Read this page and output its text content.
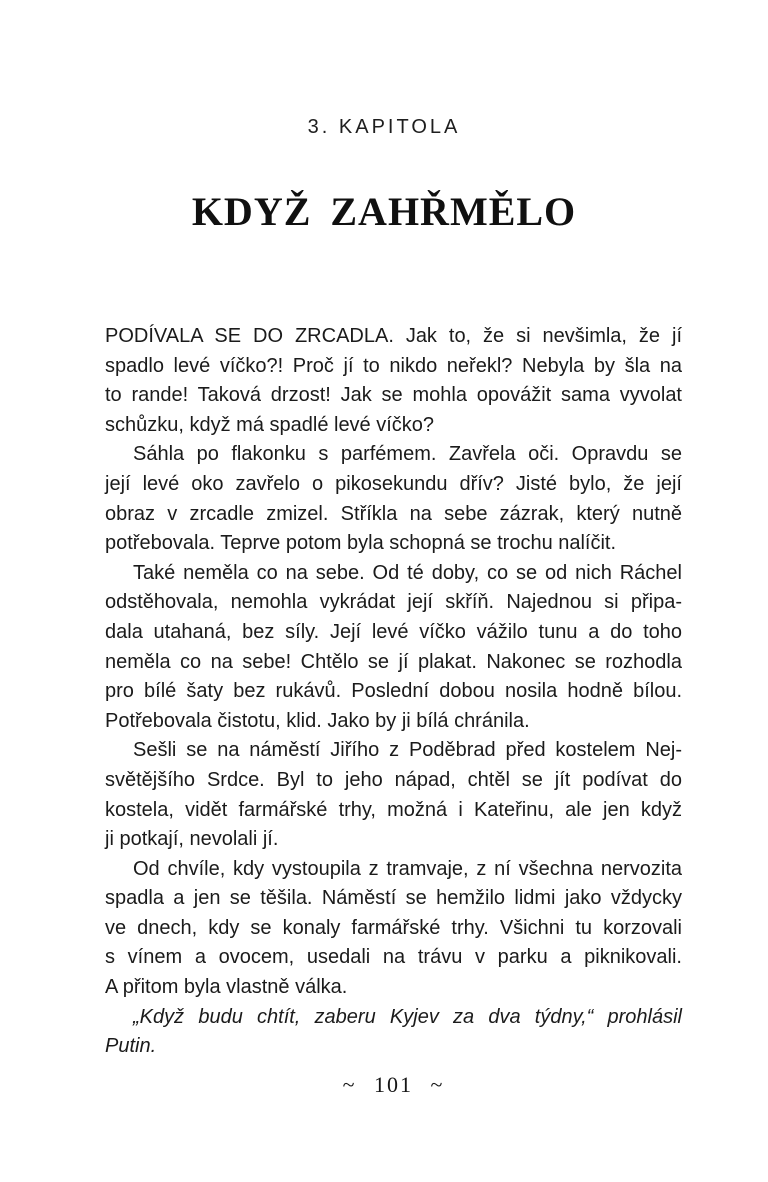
3. KAPITOLA
KDYŽ ZAHŘMĚLO
PODÍVALA SE DO ZRCADLA. Jak to, že si nevšimla, že jí
spadlo levé víčko?! Proč jí to nikdo neřekl? Nebyla by šla na
to rande! Taková drzost! Jak se mohla opovážit sama vyvolat
schůzku, když má spadlé levé víčko?
Sáhla po flakonku s parfémem. Zavřela oči. Opravdu se
její levé oko zavřelo o pikosekundu dřív? Jisté bylo, že její
obraz v zrcadle zmizel. Stříkla na sebe zázrak, který nutně
potřebovala. Teprve potom byla schopná se trochu nalíčit.
Také neměla co na sebe. Od té doby, co se od nich Ráchel
odstěhovala, nemohla vykrádat její skříň. Najednou si připa-
dala utahaná, bez síly. Její levé víčko vážilo tunu a do toho
neměla co na sebe! Chtělo se jí plakat. Nakonec se rozhodla
pro bílé šaty bez rukávů. Poslední dobou nosila hodně bílou.
Potřebovala čistotu, klid. Jako by ji bílá chránila.
Sešli se na náměstí Jiřího z Poděbrad před kostelem Nej-
světějšího Srdce. Byl to jeho nápad, chtěl se jít podívat do
kostela, vidět farmářské trhy, možná i Kateřinu, ale jen když
ji potkají, nevolali jí.
Od chvíle, kdy vystoupila z tramvaje, z ní všechna nervozita
spadla a jen se těšila. Náměstí se hemžilo lidmi jako vždycky
ve dnech, kdy se konaly farmářské trhy. Všichni tu korzovali
s vínem a ovocem, usedali na trávu v parku a piknikovali.
A přitom byla vlastně válka.
„Když budu chtít, zaberu Kyjev za dva týdny,“ prohlásil
Putin.
~ 101 ~
